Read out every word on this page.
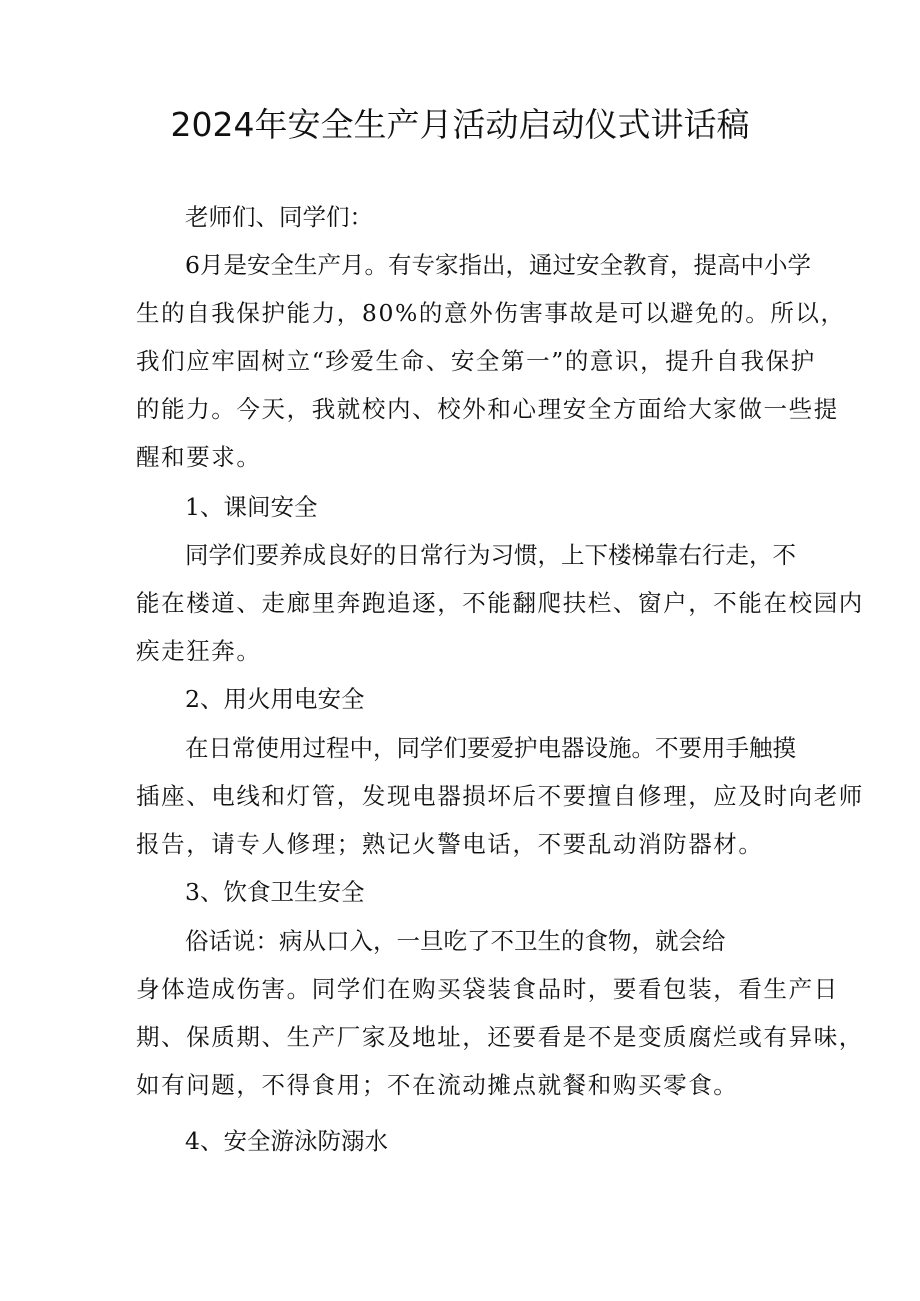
2024年安全生产月活动启动仪式讲话稿

老师们、同学们：

6月是安全生产月。有专家指出，通过安全教育，提高中小学

生的自我保护能力，80%的意外伤害事故是可以避免的。所以，

我们应牢固树立“珍爱生命、安全第一”的意识，提升自我保护

的能力。今天，我就校内、校外和心理安全方面给大家做一些提

醒和要求。

1、课间安全

同学们要养成良好的日常行为习惯，上下楼梯靠右行走，不

能在楼道、走廊里奔跑追逐，不能翻爬扶栏、窗户，不能在校园内

疾走狂奔。

2、用火用电安全

在日常使用过程中，同学们要爱护电器设施。不要用手触摸

插座、电线和灯管，发现电器损坏后不要擅自修理，应及时向老师

报告，请专人修理；熟记火警电话，不要乱动消防器材。

3、饮食卫生安全

俗话说：病从口入，一旦吃了不卫生的食物，就会给

身体造成伤害。同学们在购买袋装食品时，要看包装，看生产日

期、保质期、生产厂家及地址，还要看是不是变质腐烂或有异味，

如有问题，不得食用；不在流动摊点就餐和购买零食。

4、安全游泳防溺水
